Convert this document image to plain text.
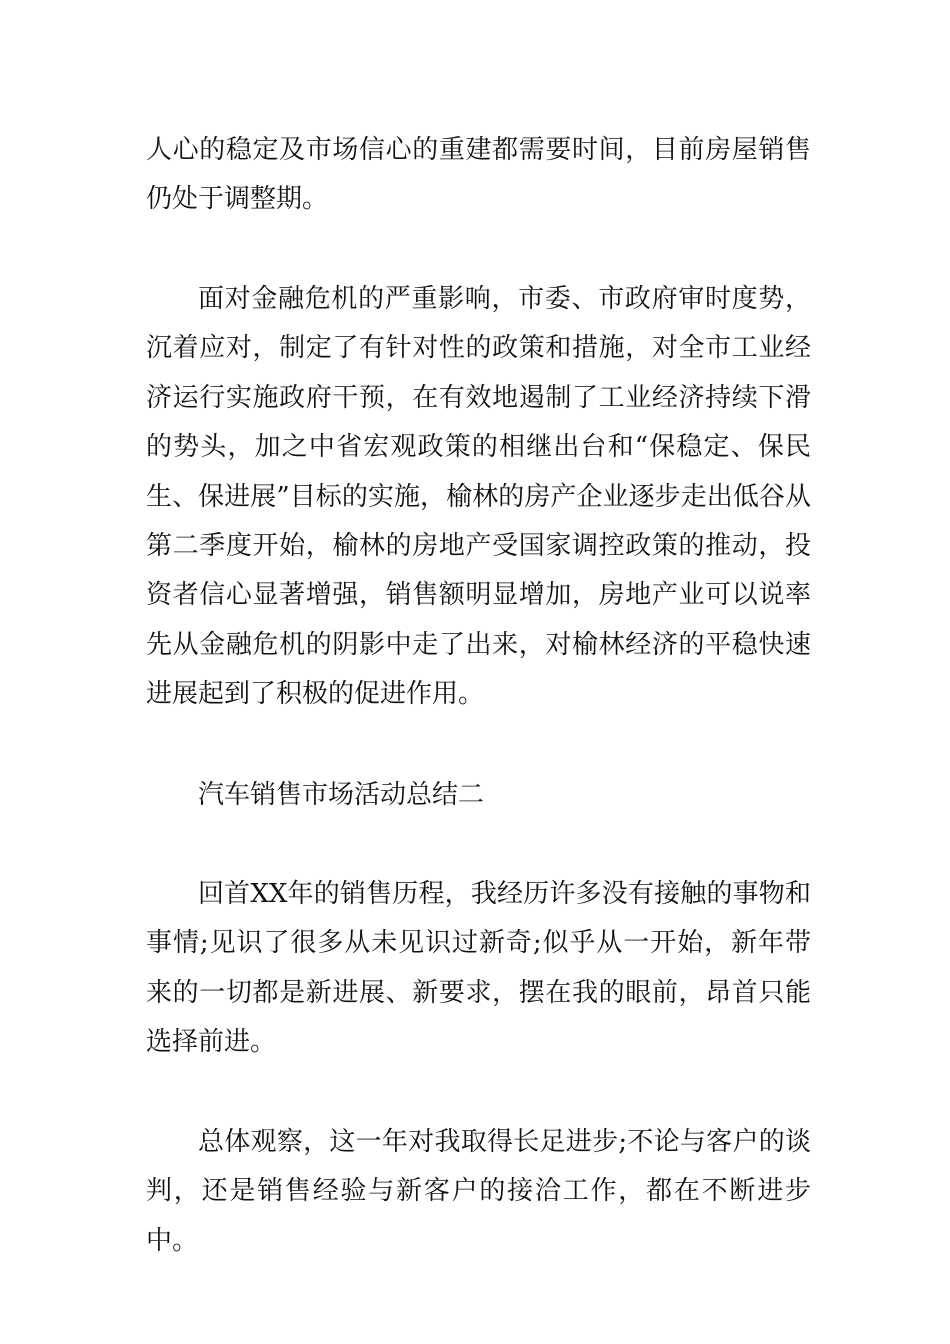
人心的稳定及市场信心的重建都需要时间，目前房屋销售仍处于调整期。

面对金融危机的严重影响，市委、市政府审时度势，沉着应对，制定了有针对性的政策和措施，对全市工业经济运行实施政府干预，在有效地遏制了工业经济持续下滑的势头，加之中省宏观政策的相继出台和“保稳定、保民生、保进展”目标的实施，榆林的房产企业逐步走出低谷从第二季度开始，榆林的房地产受国家调控政策的推动，投资者信心显著增强，销售额明显增加，房地产业可以说率先从金融危机的阴影中走了出来，对榆林经济的平稳快速进展起到了积极的促进作用。

汽车销售市场活动总结二

回首XX年的销售历程，我经历许多没有接触的事物和事情;见识了很多从未见识过新奇;似乎从一开始，新年带来的一切都是新进展、新要求，摆在我的眼前，昂首只能选择前进。

总体观察，这一年对我取得长足进步;不论与客户的谈判，还是销售经验与新客户的接洽工作，都在不断进步中。
